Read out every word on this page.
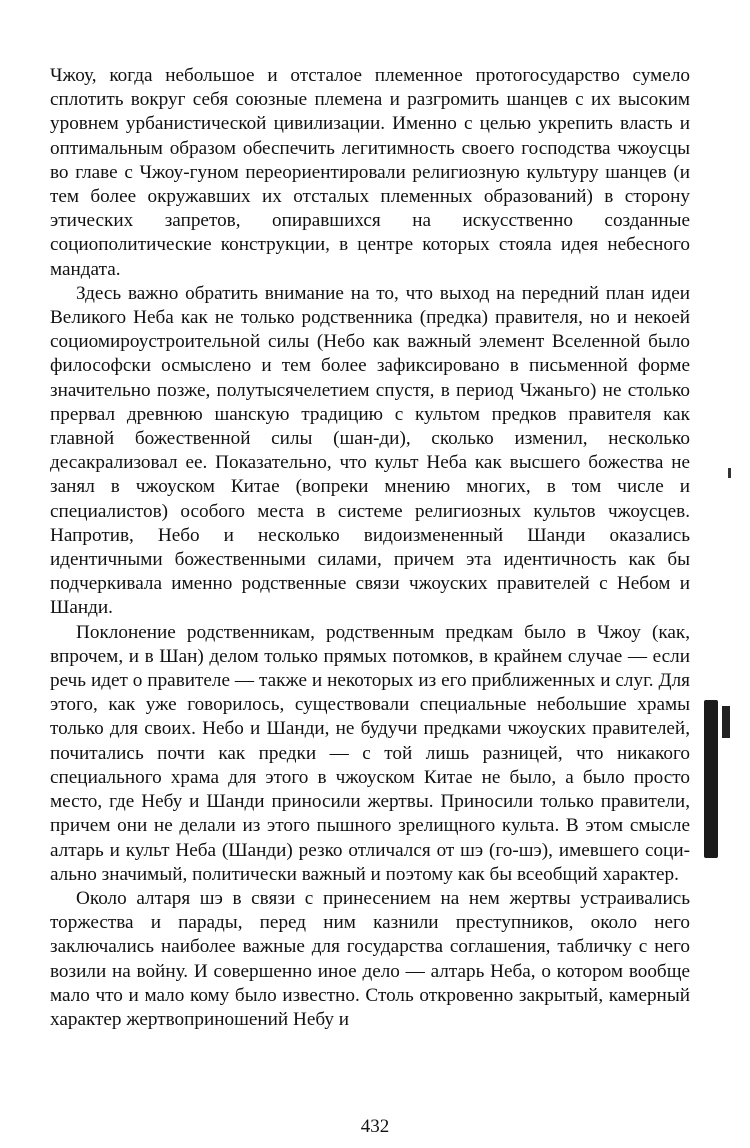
Чжоу, когда небольшое и отсталое племенное протогосударство сумело сплотить вокруг себя союзные племена и разгромить шанцев с их высоким уровнем урбанистической цивилизации. Именно с целью укрепить власть и оптимальным образом обеспечить легитимность своего господства чжоусцы во главе с Чжоу-гуном переориентировали религиозную культуру шанцев (и тем более окружавших их отсталых племенных образований) в сторону этических запретов, опиравшихся на искусственно созданные социополитические конструкции, в центре которых стояла идея небесного мандата.

Здесь важно обратить внимание на то, что выход на передний план идеи Великого Неба как не только родственника (предка) правителя, но и некоей социомироустроительной силы (Небо как важный элемент Вселенной было философски осмыслено и тем более зафиксировано в письменной форме значительно позже, полутысячелетием спустя, в период Чжаньго) не столько прервал древнюю шанскую традицию с культом предков правителя как главной божественной силы (шан-ди), сколько изменил, несколько десакрализовал ее. Показательно, что культ Неба как высшего божества не занял в чжоуском Китае (вопреки мнению многих, в том числе и специалистов) особого места в системе религиозных культов чжоусцев. Напротив, Небо и несколько видоизмененный Шанди оказались идентичными божественными силами, причем эта идентичность как бы подчеркивала именно родственные связи чжоуских правителей с Небом и Шанди.

Поклонение родственникам, родственным предкам было в Чжоу (как, впрочем, и в Шан) делом только прямых потомков, в крайнем случае — если речь идет о правителе — также и некоторых из его приближенных и слуг. Для этого, как уже говорилось, существовали специальные небольшие храмы только для своих. Небо и Шанди, не будучи предками чжоуских правителей, почитались почти как предки — с той лишь разницей, что никакого специального храма для этого в чжоуском Китае не было, а было просто место, где Небу и Шанди приносили жертвы. Приносили только правители, причем они не делали из этого пышного зрелищного культа. В этом смысле алтарь и культ Неба (Шанди) резко отличался от шэ (го-шэ), имевшего социально значимый, политически важный и поэтому как бы всеобщий характер.

Около алтаря шэ в связи с принесением на нем жертвы устраивались торжества и парады, перед ним казнили преступников, около него заключались наиболее важные для государства соглашения, табличку с него возили на войну. И совершенно иное дело — алтарь Неба, о котором вообще мало что и мало кому было известно. Столь откровенно закрытый, камерный характер жертвоприношений Небу и

432
